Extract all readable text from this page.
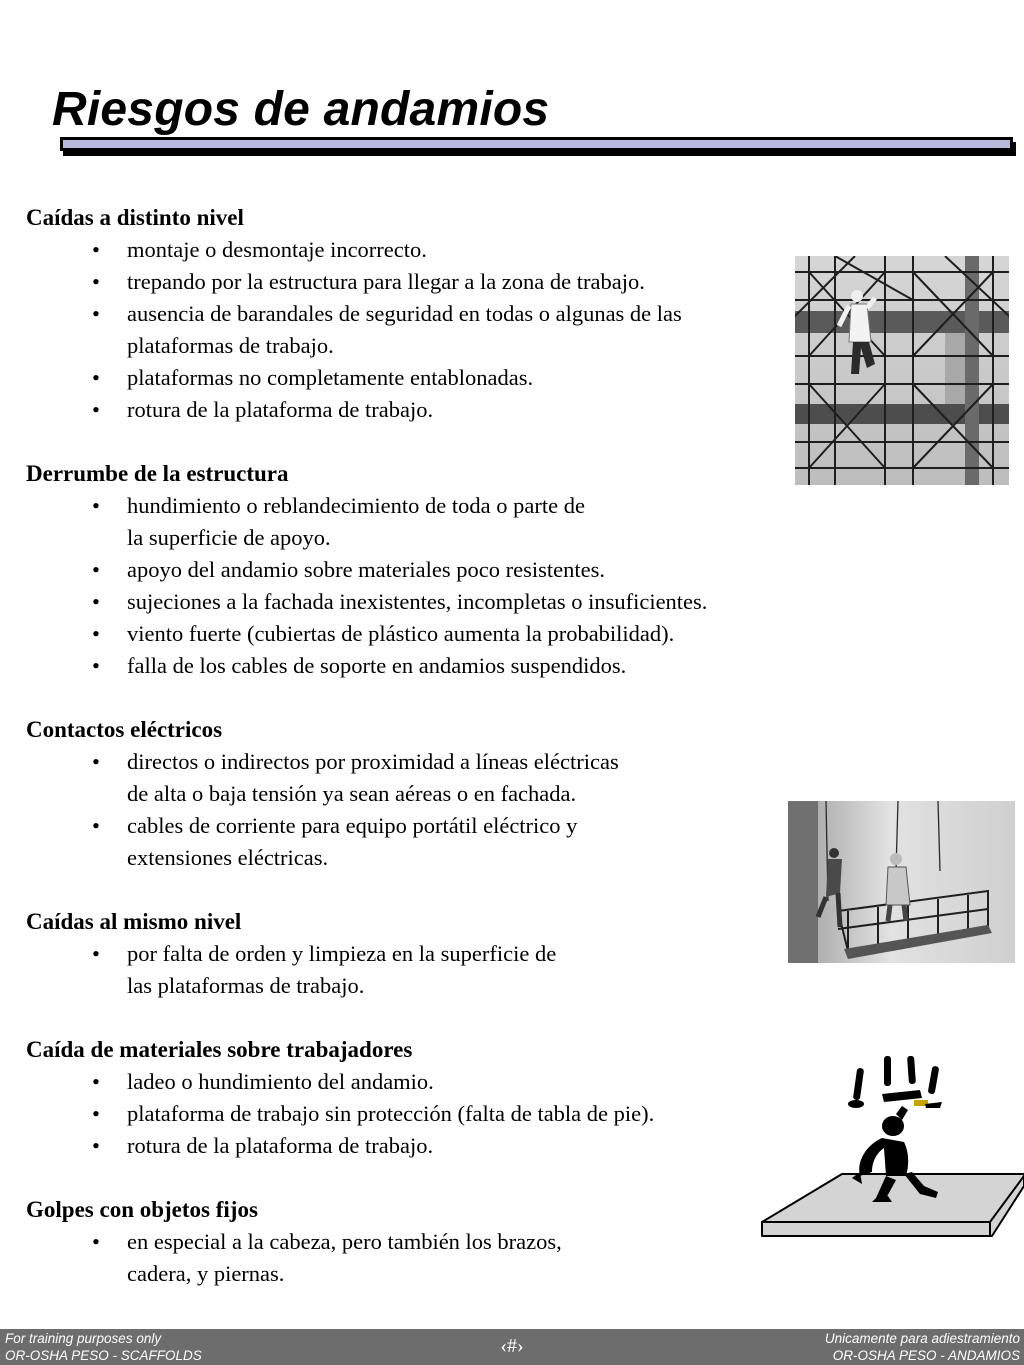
Riesgos de andamios

Caídas a distinto nivel

• montaje o desmontaje incorrecto.
• trepando por la estructura para llegar a la zona de trabajo.
• ausencia de barandales de seguridad en todas o algunas de las
plataformas de trabajo.
• plataformas no completamente entablonadas.
• rotura de la plataforma de trabajo.

Derrumbe de la estructura

• hundimiento o reblandecimiento de toda o parte de
la superficie de apoyo.
• apoyo del andamio sobre materiales poco resistentes.
• sujeciones a la fachada inexistentes, incompletas o insuficientes.
• viento fuerte (cubiertas de plástico aumenta la probabilidad).
• falla de los cables de soporte en andamios suspendidos.

Contactos eléctricos

• directos o indirectos por proximidad a líneas eléctricas
de alta o baja tensión ya sean aéreas o en fachada.
• cables de corriente para equipo portátil eléctrico y
extensiones eléctricas.

Caídas al mismo nivel

• por falta de orden y limpieza en la superficie de
las plataformas de trabajo.

Caída de materiales sobre trabajadores

• ladeo o hundimiento del andamio.
• plataforma de trabajo sin protección (falta de tabla de pie).
• rotura de la plataforma de trabajo.

Golpes con objetos fijos

• en especial a la cabeza, pero también los brazos,
cadera, y piernas.
For training purposes only
OR-OSHA PESO - SCAFFOLDS	‹#›	Unicamente para adiestramiento
OR-OSHA PESO - ANDAMIOS
